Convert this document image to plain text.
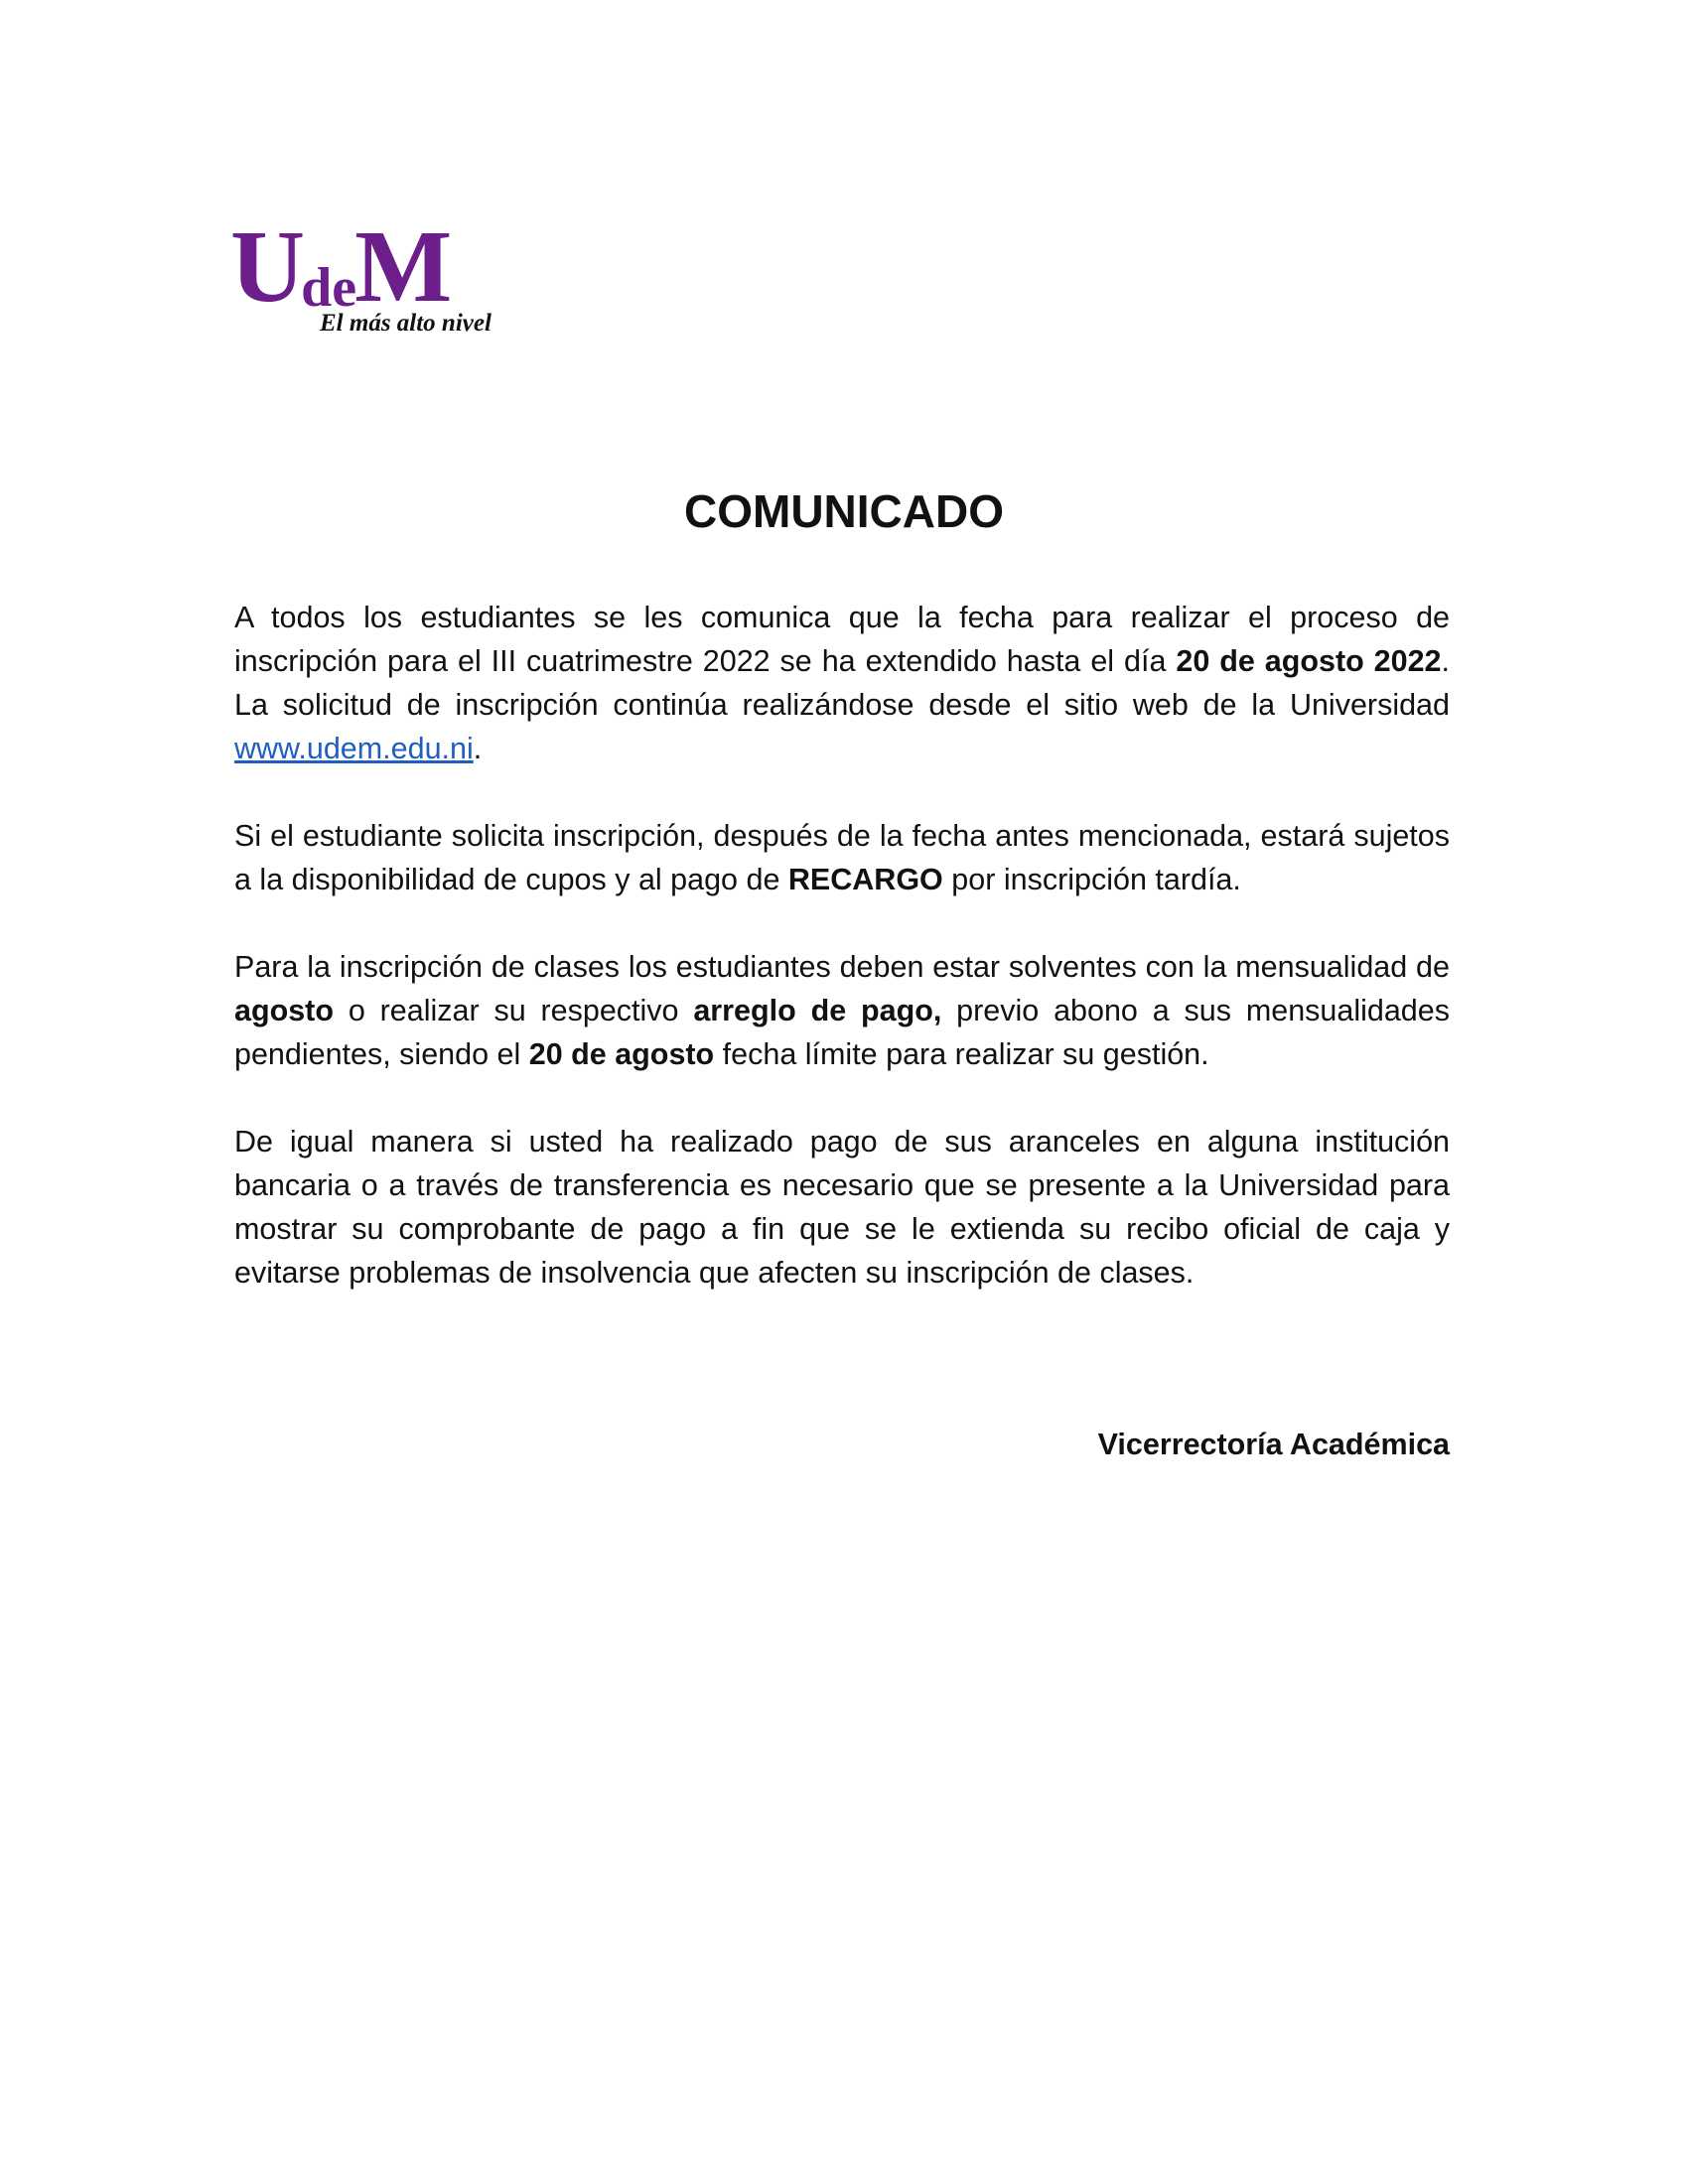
UdeM
El más alto nivel
COMUNICADO

A todos los estudiantes se les comunica que la fecha para realizar el proceso de inscripción para el III cuatrimestre 2022 se ha extendido hasta el día 20 de agosto 2022. La solicitud de inscripción continúa realizándose desde el sitio web de la Universidad www.udem.edu.ni.

Si el estudiante solicita inscripción, después de la fecha antes mencionada, estará sujetos a la disponibilidad de cupos y al pago de RECARGO por inscripción tardía.

Para la inscripción de clases los estudiantes deben estar solventes con la mensualidad de agosto o realizar su respectivo arreglo de pago, previo abono a sus mensualidades pendientes, siendo el 20 de agosto fecha límite para realizar su gestión.

De igual manera si usted ha realizado pago de sus aranceles en alguna institución bancaria o a través de transferencia es necesario que se presente a la Universidad para mostrar su comprobante de pago a fin que se le extienda su recibo oficial de caja y evitarse problemas de insolvencia que afecten su inscripción de clases.

Vicerrectoría Académica
